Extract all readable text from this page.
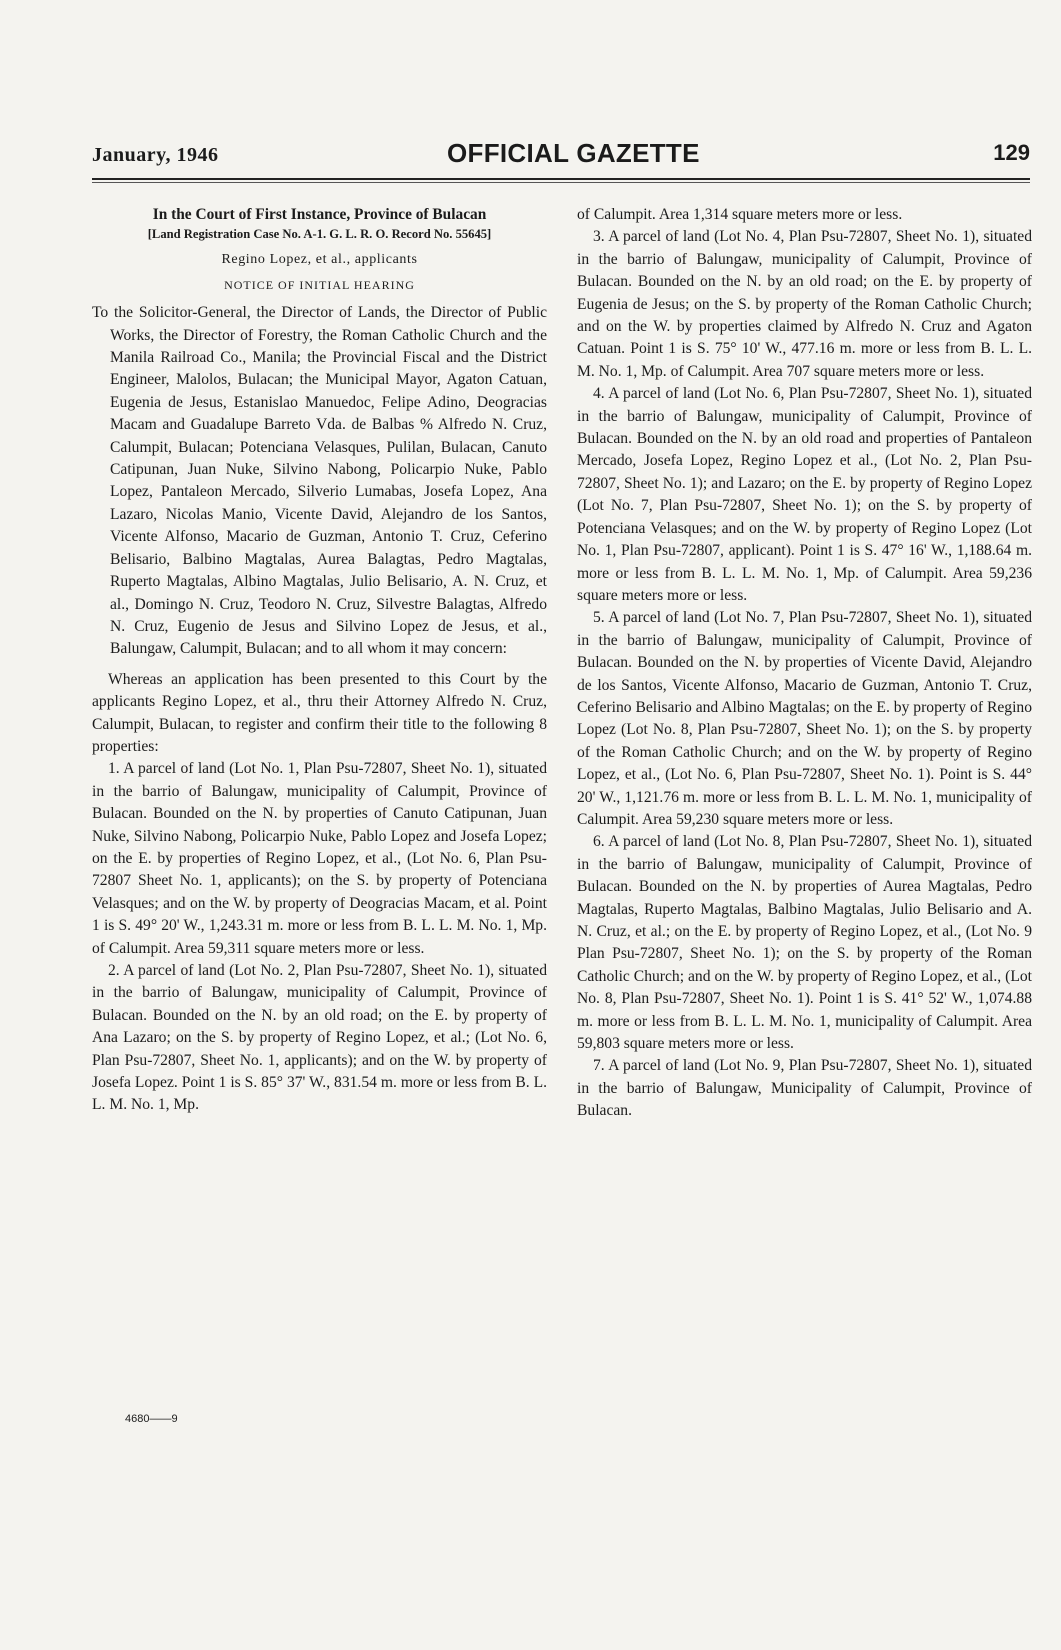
January, 1946	OFFICIAL GAZETTE	129

In the Court of First Instance, Province of Bulacan

[Land Registration Case No. A-1. G. L. R. O. Record No. 55645]

Regino Lopez, et al., applicants

NOTICE OF INITIAL HEARING

To the Solicitor-General, the Director of Lands, the Director of Public Works, the Director of Forestry, the Roman Catholic Church and the Manila Railroad Co., Manila; the Provincial Fiscal and the District Engineer, Malolos, Bulacan; the Municipal Mayor, Agaton Catuan, Eugenia de Jesus, Estanislao Manuedoc, Felipe Adino, Deogracias Macam and Guadalupe Barreto Vda. de Balbas % Alfredo N. Cruz, Calumpit, Bulacan; Potenciana Velasques, Pulilan, Bulacan, Canuto Catipunan, Juan Nuke, Silvino Nabong, Policarpio Nuke, Pablo Lopez, Pantaleon Mercado, Silverio Lumabas, Josefa Lopez, Ana Lazaro, Nicolas Manio, Vicente David, Alejandro de los Santos, Vicente Alfonso, Macario de Guzman, Antonio T. Cruz, Ceferino Belisario, Balbino Magtalas, Aurea Balagtas, Pedro Magtalas, Ruperto Magtalas, Albino Magtalas, Julio Belisario, A. N. Cruz, et al., Domingo N. Cruz, Teodoro N. Cruz, Silvestre Balagtas, Alfredo N. Cruz, Eugenio de Jesus and Silvino Lopez de Jesus, et al., Balungaw, Calumpit, Bulacan; and to all whom it may concern:

Whereas an application has been presented to this Court by the applicants Regino Lopez, et al., thru their Attorney Alfredo N. Cruz, Calumpit, Bulacan, to register and confirm their title to the following 8 properties:

1. A parcel of land (Lot No. 1, Plan Psu-72807, Sheet No. 1), situated in the barrio of Balungaw, municipality of Calumpit, Province of Bulacan. Bounded on the N. by properties of Canuto Catipunan, Juan Nuke, Silvino Nabong, Policarpio Nuke, Pablo Lopez and Josefa Lopez; on the E. by properties of Regino Lopez, et al., (Lot No. 6, Plan Psu-72807 Sheet No. 1, applicants); on the S. by property of Potenciana Velasques; and on the W. by property of Deogracias Macam, et al. Point 1 is S. 49° 20' W., 1,243.31 m. more or less from B. L. L. M. No. 1, Mp. of Calumpit. Area 59,311 square meters more or less.

2. A parcel of land (Lot No. 2, Plan Psu-72807, Sheet No. 1), situated in the barrio of Balungaw, municipality of Calumpit, Province of Bulacan. Bounded on the N. by an old road; on the E. by property of Ana Lazaro; on the S. by property of Regino Lopez, et al.; (Lot No. 6, Plan Psu-72807, Sheet No. 1, applicants); and on the W. by property of Josefa Lopez. Point 1 is S. 85° 37' W., 831.54 m. more or less from B. L. L. M. No. 1, Mp.

of Calumpit. Area 1,314 square meters more or less.

3. A parcel of land (Lot No. 4, Plan Psu-72807, Sheet No. 1), situated in the barrio of Balungaw, municipality of Calumpit, Province of Bulacan. Bounded on the N. by an old road; on the E. by property of Eugenia de Jesus; on the S. by property of the Roman Catholic Church; and on the W. by properties claimed by Alfredo N. Cruz and Agaton Catuan. Point 1 is S. 75° 10' W., 477.16 m. more or less from B. L. L. M. No. 1, Mp. of Calumpit. Area 707 square meters more or less.

4. A parcel of land (Lot No. 6, Plan Psu-72807, Sheet No. 1), situated in the barrio of Balungaw, municipality of Calumpit, Province of Bulacan. Bounded on the N. by an old road and properties of Pantaleon Mercado, Josefa Lopez, Regino Lopez et al., (Lot No. 2, Plan Psu-72807, Sheet No. 1); and Lazaro; on the E. by property of Regino Lopez (Lot No. 7, Plan Psu-72807, Sheet No. 1); on the S. by property of Potenciana Velasques; and on the W. by property of Regino Lopez (Lot No. 1, Plan Psu-72807, applicant). Point 1 is S. 47° 16' W., 1,188.64 m. more or less from B. L. L. M. No. 1, Mp. of Calumpit. Area 59,236 square meters more or less.

5. A parcel of land (Lot No. 7, Plan Psu-72807, Sheet No. 1), situated in the barrio of Balungaw, municipality of Calumpit, Province of Bulacan. Bounded on the N. by properties of Vicente David, Alejandro de los Santos, Vicente Alfonso, Macario de Guzman, Antonio T. Cruz, Ceferino Belisario and Albino Magtalas; on the E. by property of Regino Lopez (Lot No. 8, Plan Psu-72807, Sheet No. 1); on the S. by property of the Roman Catholic Church; and on the W. by property of Regino Lopez, et al., (Lot No. 6, Plan Psu-72807, Sheet No. 1). Point is S. 44° 20' W., 1,121.76 m. more or less from B. L. L. M. No. 1, municipality of Calumpit. Area 59,230 square meters more or less.

6. A parcel of land (Lot No. 8, Plan Psu-72807, Sheet No. 1), situated in the barrio of Balungaw, municipality of Calumpit, Province of Bulacan. Bounded on the N. by properties of Aurea Magtalas, Pedro Magtalas, Ruperto Magtalas, Balbino Magtalas, Julio Belisario and A. N. Cruz, et al.; on the E. by property of Regino Lopez, et al., (Lot No. 9 Plan Psu-72807, Sheet No. 1); on the S. by property of the Roman Catholic Church; and on the W. by property of Regino Lopez, et al., (Lot No. 8, Plan Psu-72807, Sheet No. 1). Point 1 is S. 41° 52' W., 1,074.88 m. more or less from B. L. L. M. No. 1, municipality of Calumpit. Area 59,803 square meters more or less.

7. A parcel of land (Lot No. 9, Plan Psu-72807, Sheet No. 1), situated in the barrio of Balungaw, Municipality of Calumpit, Province of Bulacan.

4680——9
